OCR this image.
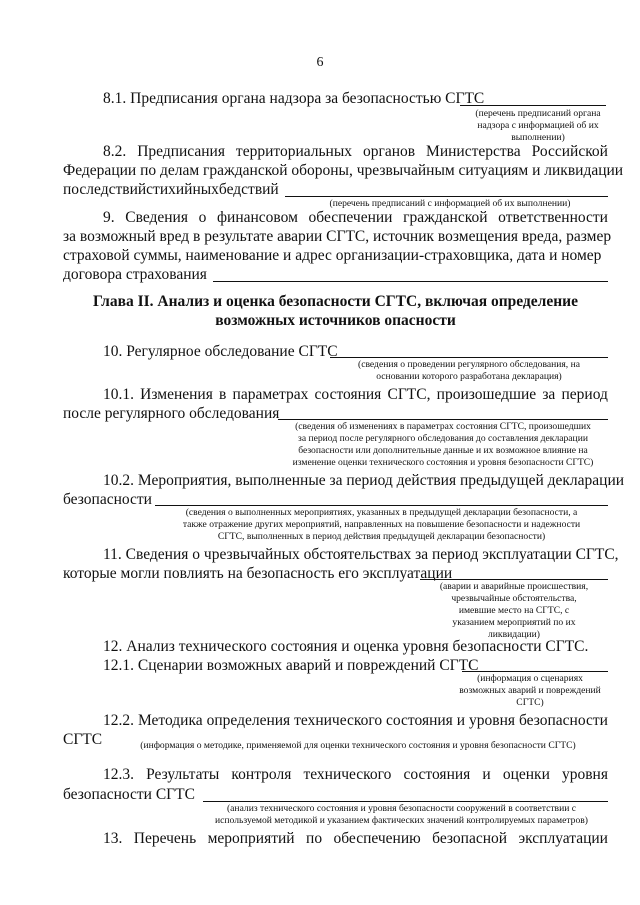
6
8.1. Предписания органа надзора за безопасностью СГТС
(перечень предписаний органа
надзора с информацией об их
выполнении)
8.2. Предписания территориальных органов Министерства Российской
Федерации по делам гражданской обороны, чрезвычайным ситуациям и ликвидации
последствий стихийных бедствий
(перечень предписаний с информацией об их выполнении)
9. Сведения о финансовом обеспечении гражданской ответственности
за возможный вред в результате аварии СГТС, источник возмещения вреда, размер
страховой суммы, наименование и адрес организации-страховщика, дата и номер
договора страхования
Глава II. Анализ и оценка безопасности СГТС, включая определение
возможных источников опасности
10. Регулярное обследование СГТС
(сведения о проведении регулярного обследования, на
основании которого разработана декларация)
10.1. Изменения в параметрах состояния СГТС, произошедшие за период
после регулярного обследования
(сведения об изменениях в параметрах состояния СГТС, произошедших
за период после регулярного обследования до составления декларации
безопасности или дополнительные данные и их возможное влияние на
изменение оценки технического состояния и уровня безопасности СГТС)
10.2. Мероприятия, выполненные за период действия предыдущей декларации
безопасности
(сведения о выполненных мероприятиях, указанных в предыдущей декларации безопасности, а
также отражение других мероприятий, направленных на повышение безопасности и надежности
СГТС, выполненных в период действия предыдущей декларации безопасности)
11. Сведения о чрезвычайных обстоятельствах за период эксплуатации СГТС,
которые могли повлиять на безопасность его эксплуатации
(аварии и аварийные происшествия,
чрезвычайные обстоятельства,
имевшие место на СГТС, с
указанием мероприятий по их
ликвидации)
12. Анализ технического состояния и оценка уровня безопасности СГТС.
12.1. Сценарии возможных аварий и повреждений СГТС
(информация о сценариях
возможных аварий и повреждений
СГТС)
12.2. Методика определения технического состояния и уровня безопасности
СГТС	(информация о методике, применяемой для оценки технического состояния и уровня безопасности СГТС)
12.3. Результаты контроля технического состояния и оценки уровня
безопасности СГТС
(анализ технического состояния и уровня безопасности сооружений в соответствии с
используемой методикой и указанием фактических значений контролируемых параметров)
13. Перечень мероприятий по обеспечению безопасной эксплуатации
